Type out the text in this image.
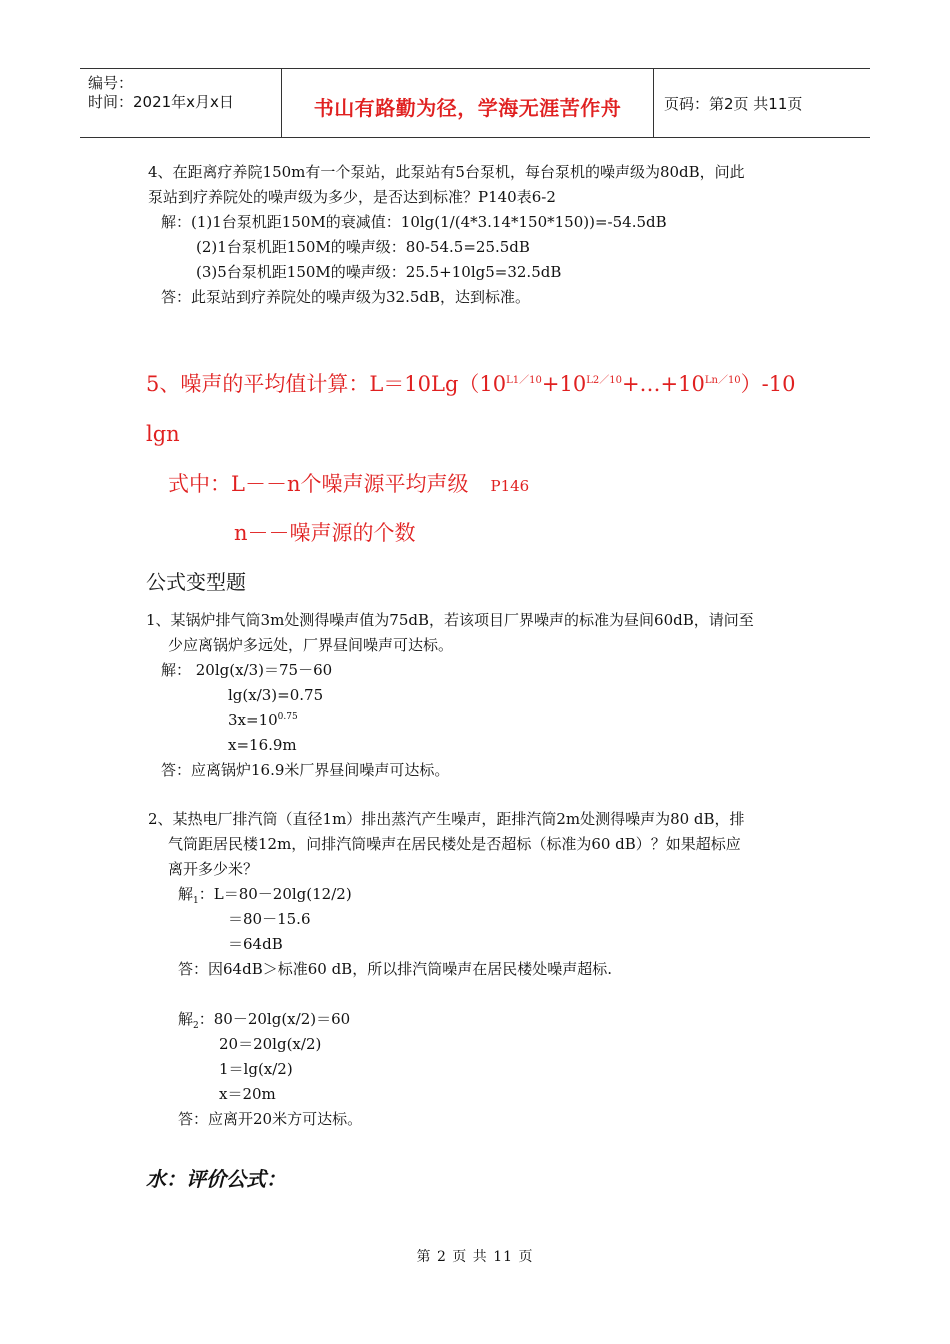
编号：
时间：2021年x月x日	书山有路勤为径，学海无涯苦作舟	页码：第2页 共11页
4、在距离疗养院150m有一个泵站，此泵站有5台泵机，每台泵机的噪声级为80dB，问此
泵站到疗养院处的噪声级为多少，是否达到标准？P140表6-2
解：(1)1台泵机距150M的衰减值：10lg(1/(4*3.14*150*150))=-54.5dB
(2)1台泵机距150M的噪声级：80-54.5=25.5dB
(3)5台泵机距150M的噪声级：25.5+10lg5=32.5dB
答：此泵站到疗养院处的噪声级为32.5dB，达到标准。
5、噪声的平均值计算：$L=10Lg(10^{L1/10}+10^{L2/10}+\dots+10^{Ln/10})-10$
lgn
式中：L－－n个噪声源平均声级 P146
n－－噪声源的个数
公式变型题
1、某锅炉排气筒3m处测得噪声值为75dB，若该项目厂界噪声的标准为昼间60dB，请问至
少应离锅炉多远处，厂界昼间噪声可达标。
解： 20lg(x/3)＝75－60
lg(x/3)=0.75
$3x=10^{0.75}$
x=16.9m
答：应离锅炉16.9米厂界昼间噪声可达标。
2、某热电厂排汽筒（直径1m）排出蒸汽产生噪声，距排汽筒2m处测得噪声为80 dB，排
气筒距居民楼12m，问排汽筒噪声在居民楼处是否超标（标准为60 dB）？如果超标应
离开多少米？
解$_1$：L＝80－20lg(12/2)
＝80－15.6
＝64dB
答：因64dB＞标准60 dB，所以排汽筒噪声在居民楼处噪声超标.
解$_2$：80－20lg(x/2)＝60
20＝20lg(x/2)
1＝lg(x/2)
x＝20m
答：应离开20米方可达标。
水：评价公式：
第 2 页 共 11 页
